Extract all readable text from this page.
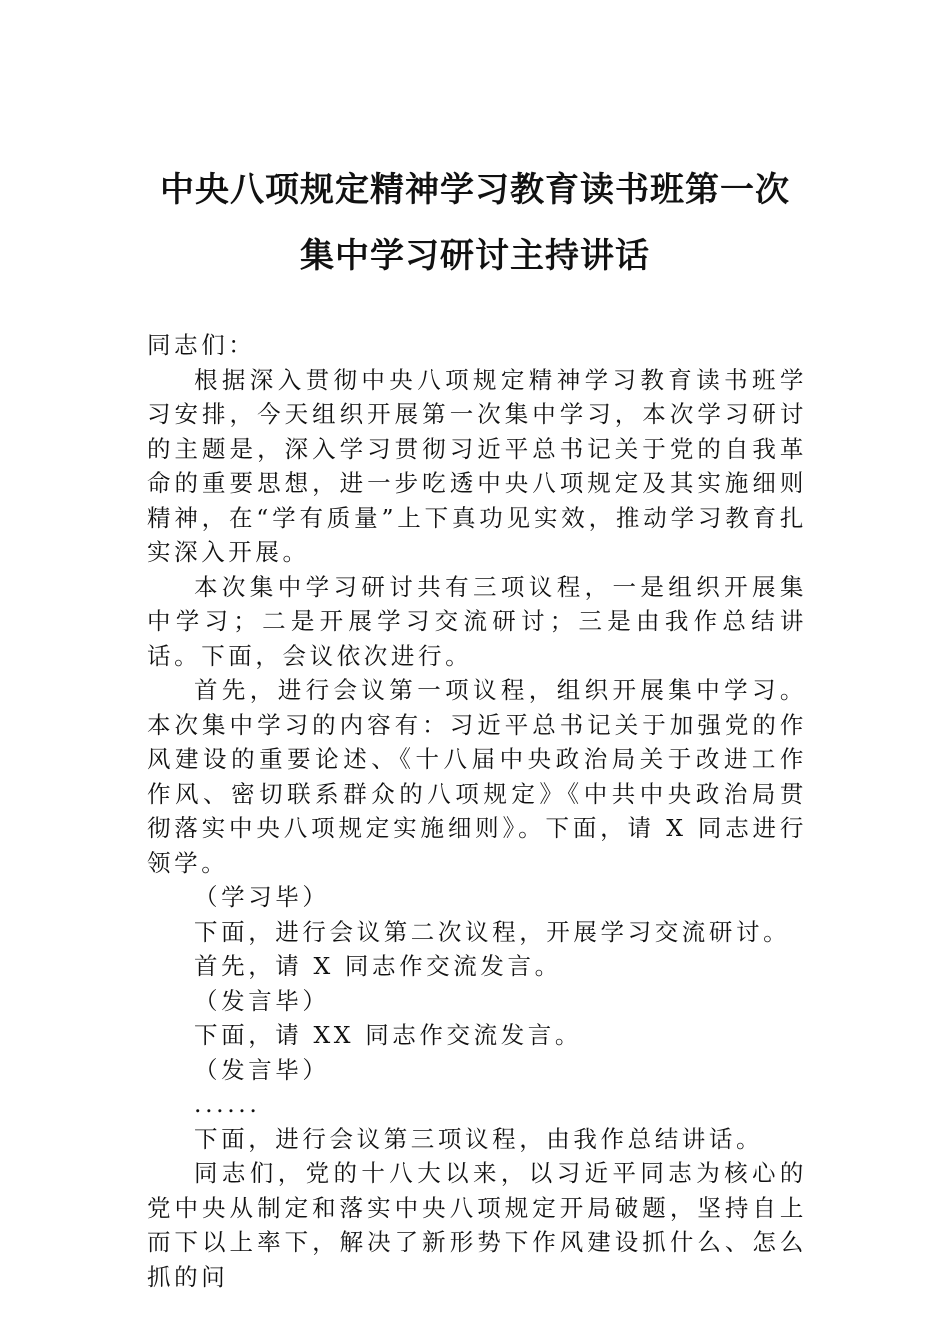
中央八项规定精神学习教育读书班第一次
集中学习研讨主持讲话

同志们：

根据深入贯彻中央八项规定精神学习教育读书班学习安排，今天组织开展第一次集中学习，本次学习研讨的主题是，深入学习贯彻习近平总书记关于党的自我革命的重要思想，进一步吃透中央八项规定及其实施细则精神，在“学有质量”上下真功见实效，推动学习教育扎实深入开展。

本次集中学习研讨共有三项议程，一是组织开展集中学习；二是开展学习交流研讨；三是由我作总结讲话。下面，会议依次进行。

首先，进行会议第一项议程，组织开展集中学习。本次集中学习的内容有：习近平总书记关于加强党的作风建设的重要论述、《十八届中央政治局关于改进工作作风、密切联系群众的八项规定》《中共中央政治局贯彻落实中央八项规定实施细则》。下面，请 X 同志进行领学。

（学习毕）

下面，进行会议第二次议程，开展学习交流研讨。

首先，请 X 同志作交流发言。

（发言毕）

下面，请 XX 同志作交流发言。

（发言毕）

......

下面，进行会议第三项议程，由我作总结讲话。

同志们，党的十八大以来，以习近平同志为核心的党中央从制定和落实中央八项规定开局破题，坚持自上而下以上率下，解决了新形势下作风建设抓什么、怎么抓的问
